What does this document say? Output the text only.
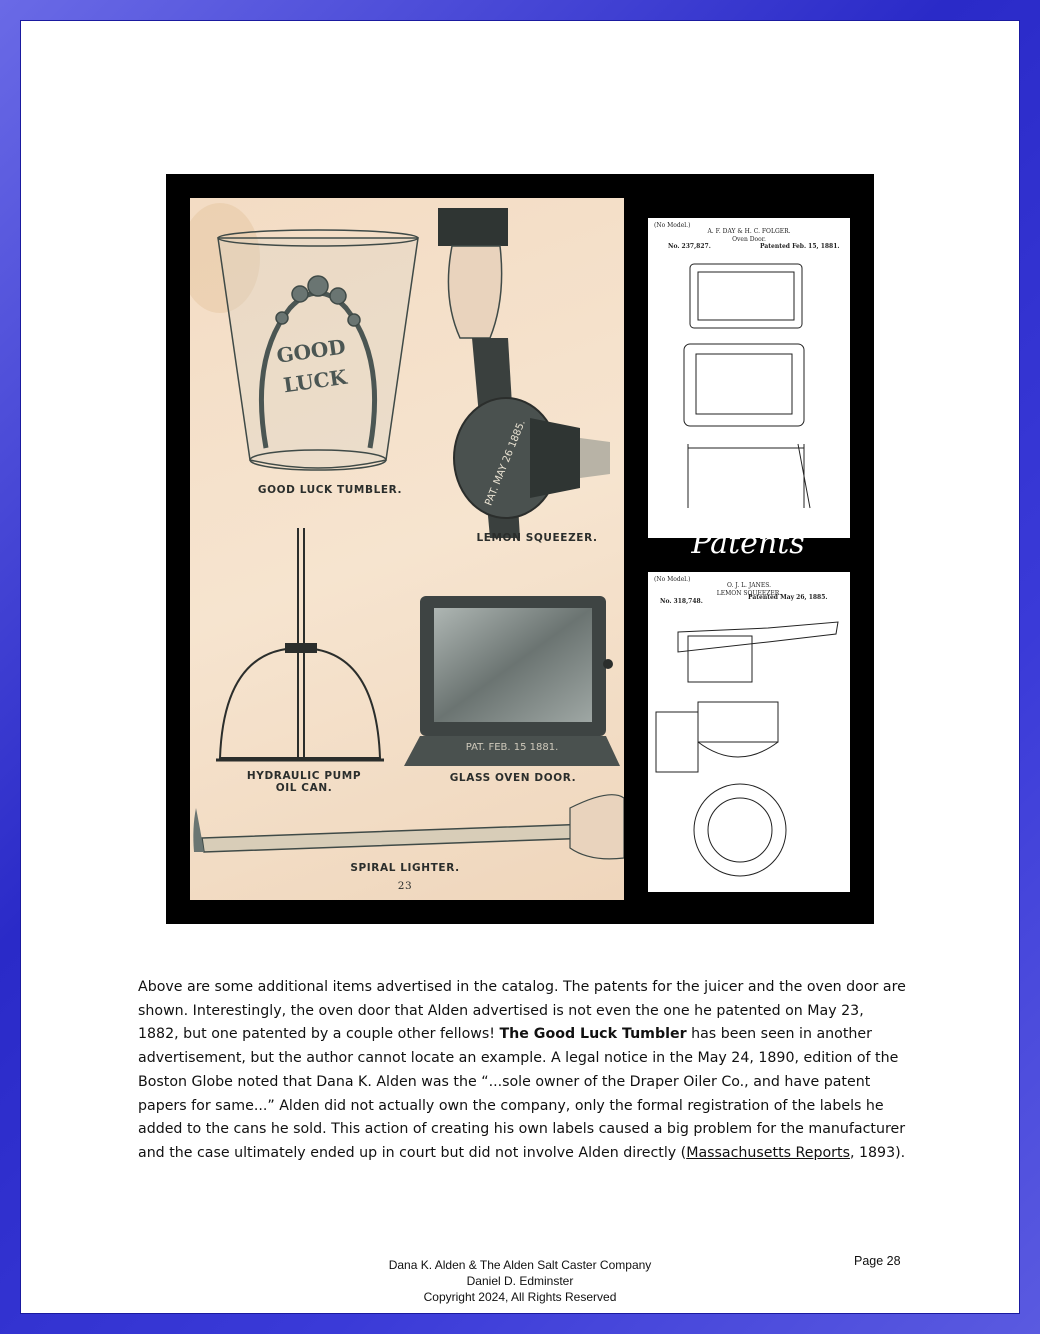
GOOD
LUCK
PAT. MAY 26 1885.
PAT. FEB. 15 1881.
GOOD LUCK TUMBLER.
LEMON SQUEEZER.
HYDRAULIC PUMP
OIL CAN.
GLASS OVEN DOOR.
SPIRAL LIGHTER.
23
(No Model.)
A. F. DAY & H. C. FOLGER.
Oven Door.
No. 237,827.	Patented Feb. 15, 1881.
Patents
(No Model.)
O. J. L. JANES.
LEMON SQUEEZER.
No. 318,748.
Patented May 26, 1885.
Above are some additional items advertised in the catalog. The patents for the juicer and the oven door are shown. Interestingly, the oven door that Alden advertised is not even the one he patented on May 23, 1882, but one patented by a couple other fellows! The Good Luck Tumbler has been seen in another advertisement, but the author cannot locate an example. A legal notice in the May 24, 1890, edition of the Boston Globe noted that Dana K. Alden was the “...sole owner of the Draper Oiler Co., and have patent papers for same...” Alden did not actually own the company, only the formal registration of the labels he added to the cans he sold. This action of creating his own labels caused a big problem for the manufacturer and the case ultimately ended up in court but did not involve Alden directly (Massachusetts Reports, 1893).
Dana K. Alden & The Alden Salt Caster Company
Daniel D. Edminster
Copyright 2024, All Rights Reserved
Page 28
